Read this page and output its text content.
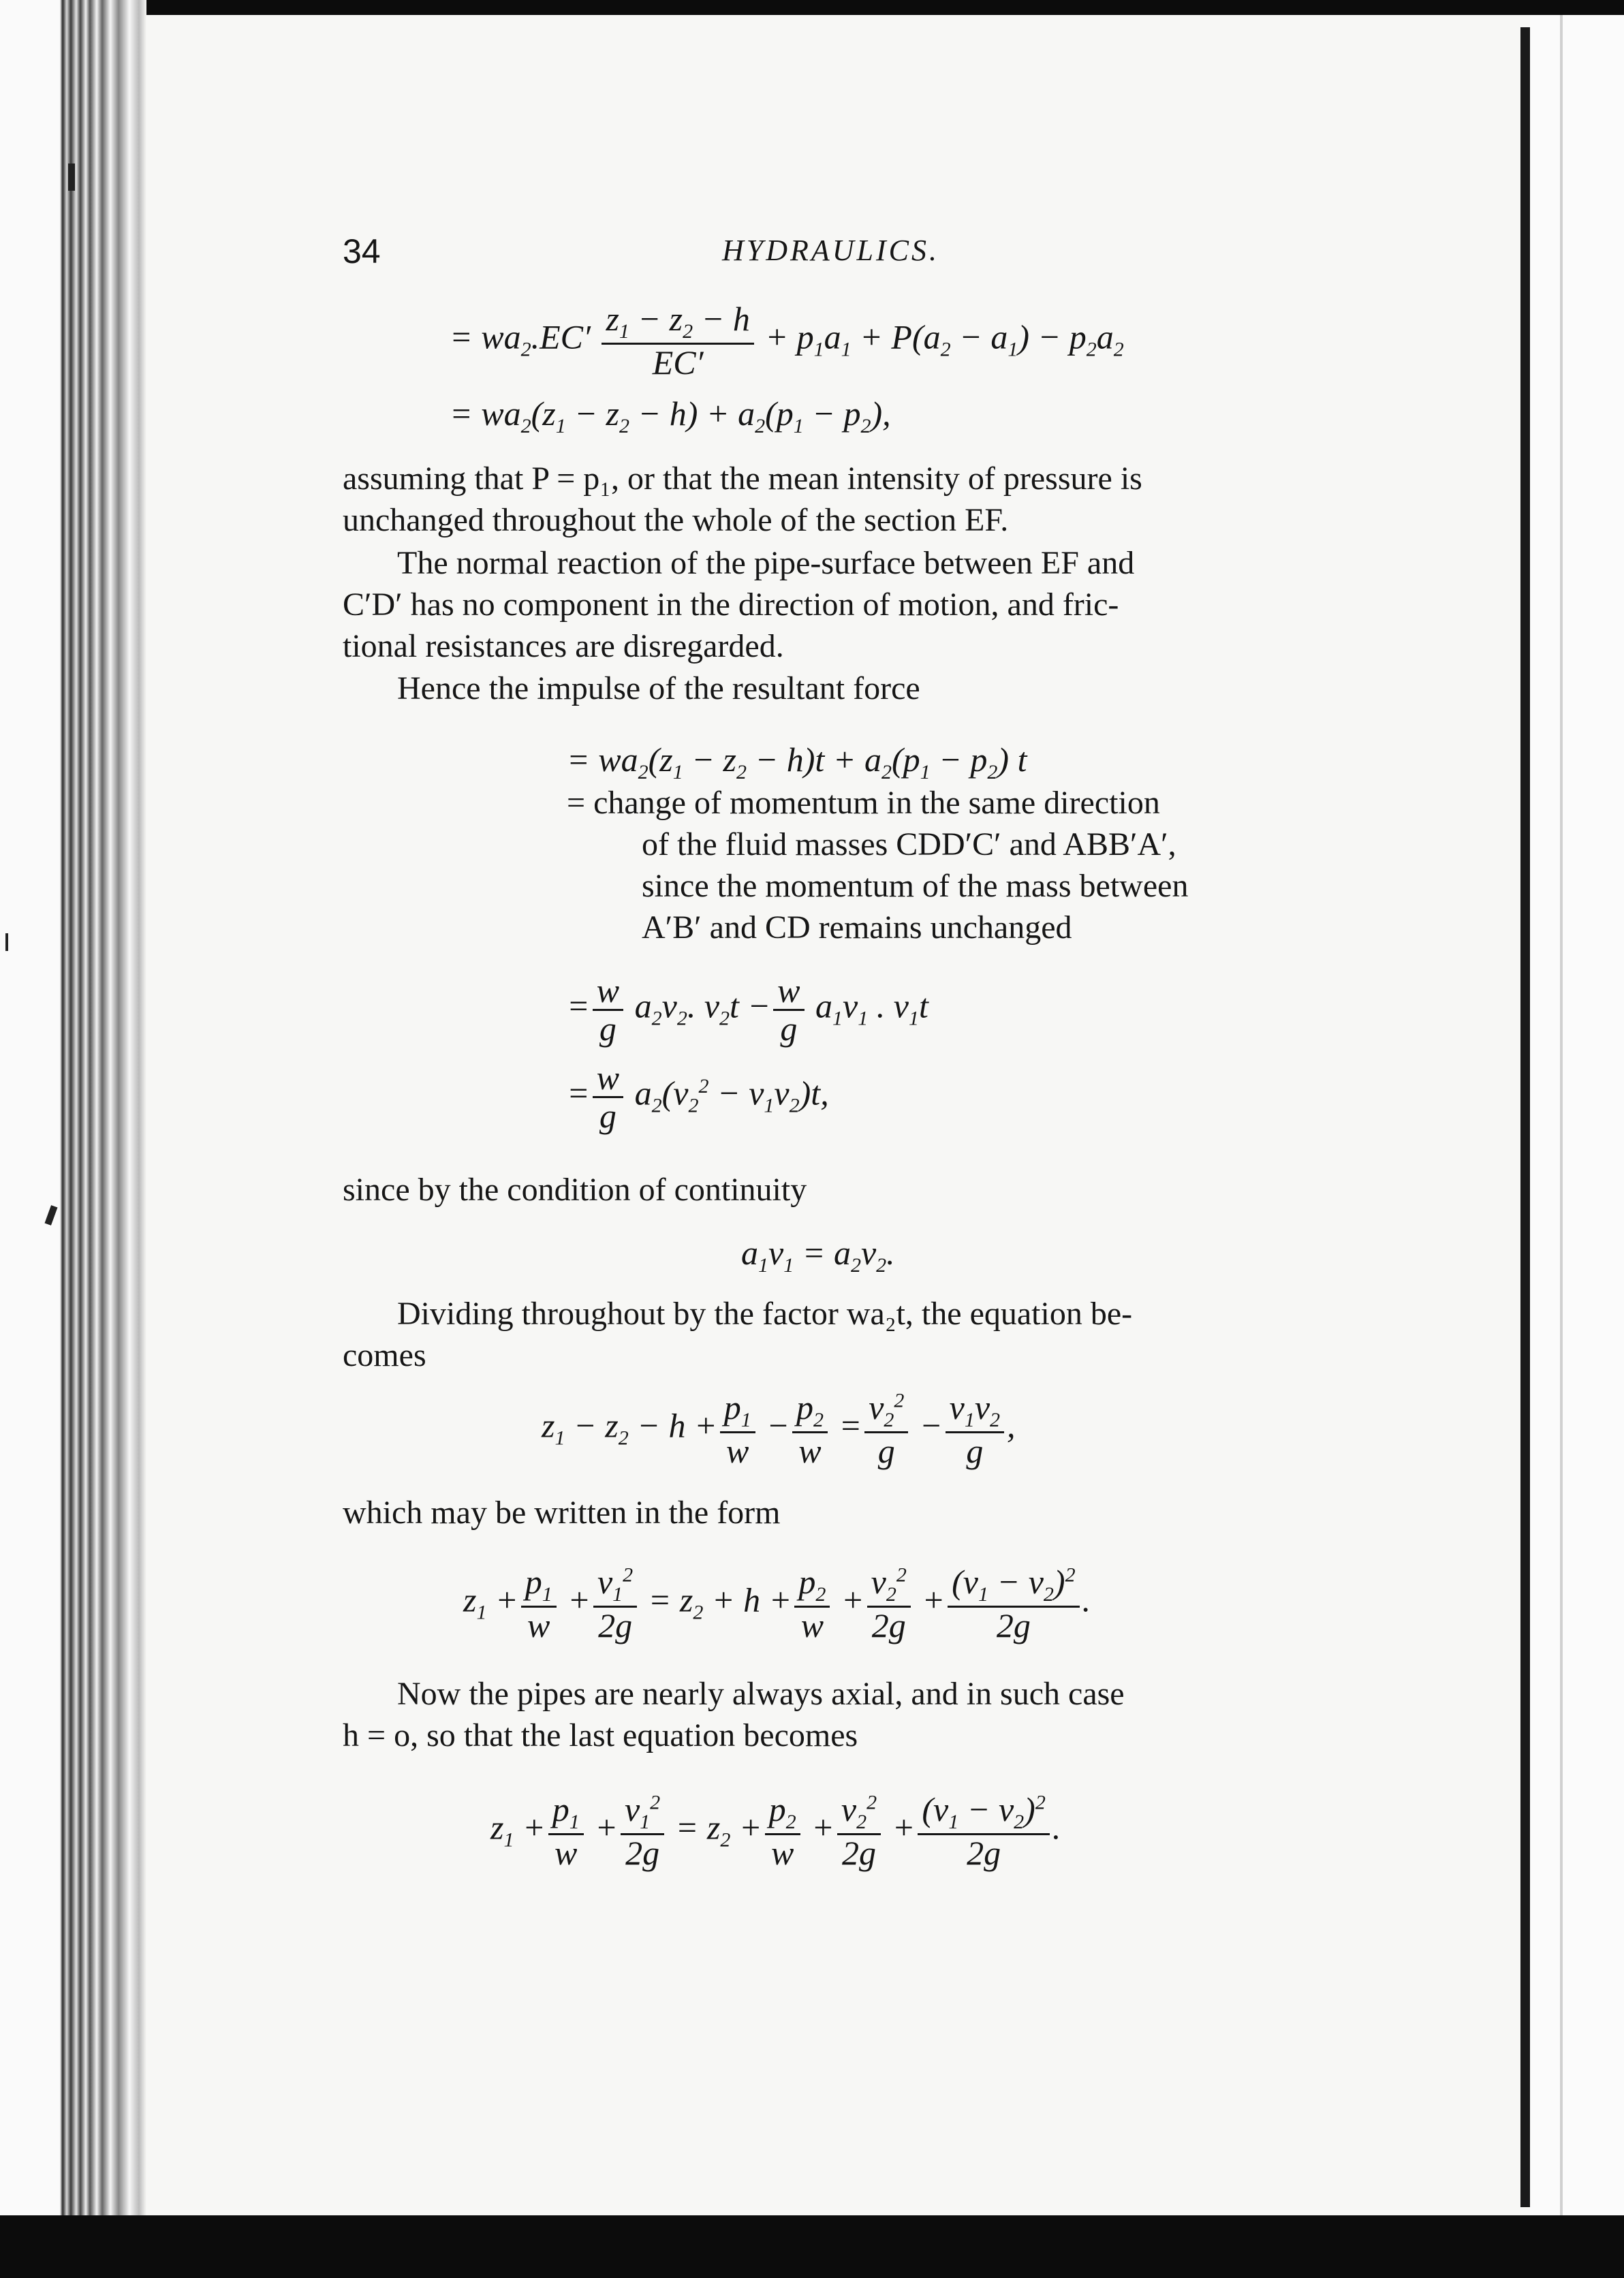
34	HYDRAULICS.
= $wa_2.EC' \frac{z_1 - z_2 - h}{EC'} + p_1a_1 + P(a_2 - a_1) - p_2a_2$
= $wa_2(z_1 - z_2 - h) + a_2(p_1 - p_2)$,
assuming that P = p₁, or that the mean intensity of pressure is
unchanged throughout the whole of the section EF.
The normal reaction of the pipe-surface between EF and
C′D′ has no component in the direction of motion, and fric-
tional resistances are disregarded.
Hence the impulse of the resultant force
= $wa_2(z_1 - z_2 - h)t + a_2(p_1 - p_2)$ t
= change of momentum in the same direction
of the fluid masses CDD′C′ and ABB′A′,
since the momentum of the mass between
A′B′ and CD remains unchanged
= $\frac{w}{g} a_2v_2$. $v_2t - \frac{w}{g} a_1v_1$ . $v_1t$
= $\frac{w}{g} a_2(v_2^2 - v_1v_2)t$,
since by the condition of continuity
$a_1v_1 = a_2v_2$.
Dividing throughout by the factor wa₂t, the equation be-
comes
$z_1 - z_2 - h + \frac{p_1}{w} - \frac{p_2}{w} = \frac{v_2^2}{g} - \frac{v_1v_2}{g}$ ,
which may be written in the form
$z_1 + \frac{p_1}{w} + \frac{v_1^2}{2g} = z_2 + h + \frac{p_2}{w} + \frac{v_2^2}{2g} + \frac{(v_1 - v_2)^2}{2g}$ .
Now the pipes are nearly always axial, and in such case
h = o, so that the last equation becomes
$z_1 + \frac{p_1}{w} + \frac{v_1^2}{2g} = z_2 + \frac{p_2}{w} + \frac{v_2^2}{2g} + \frac{(v_1 - v_2)^2}{2g}$ .
